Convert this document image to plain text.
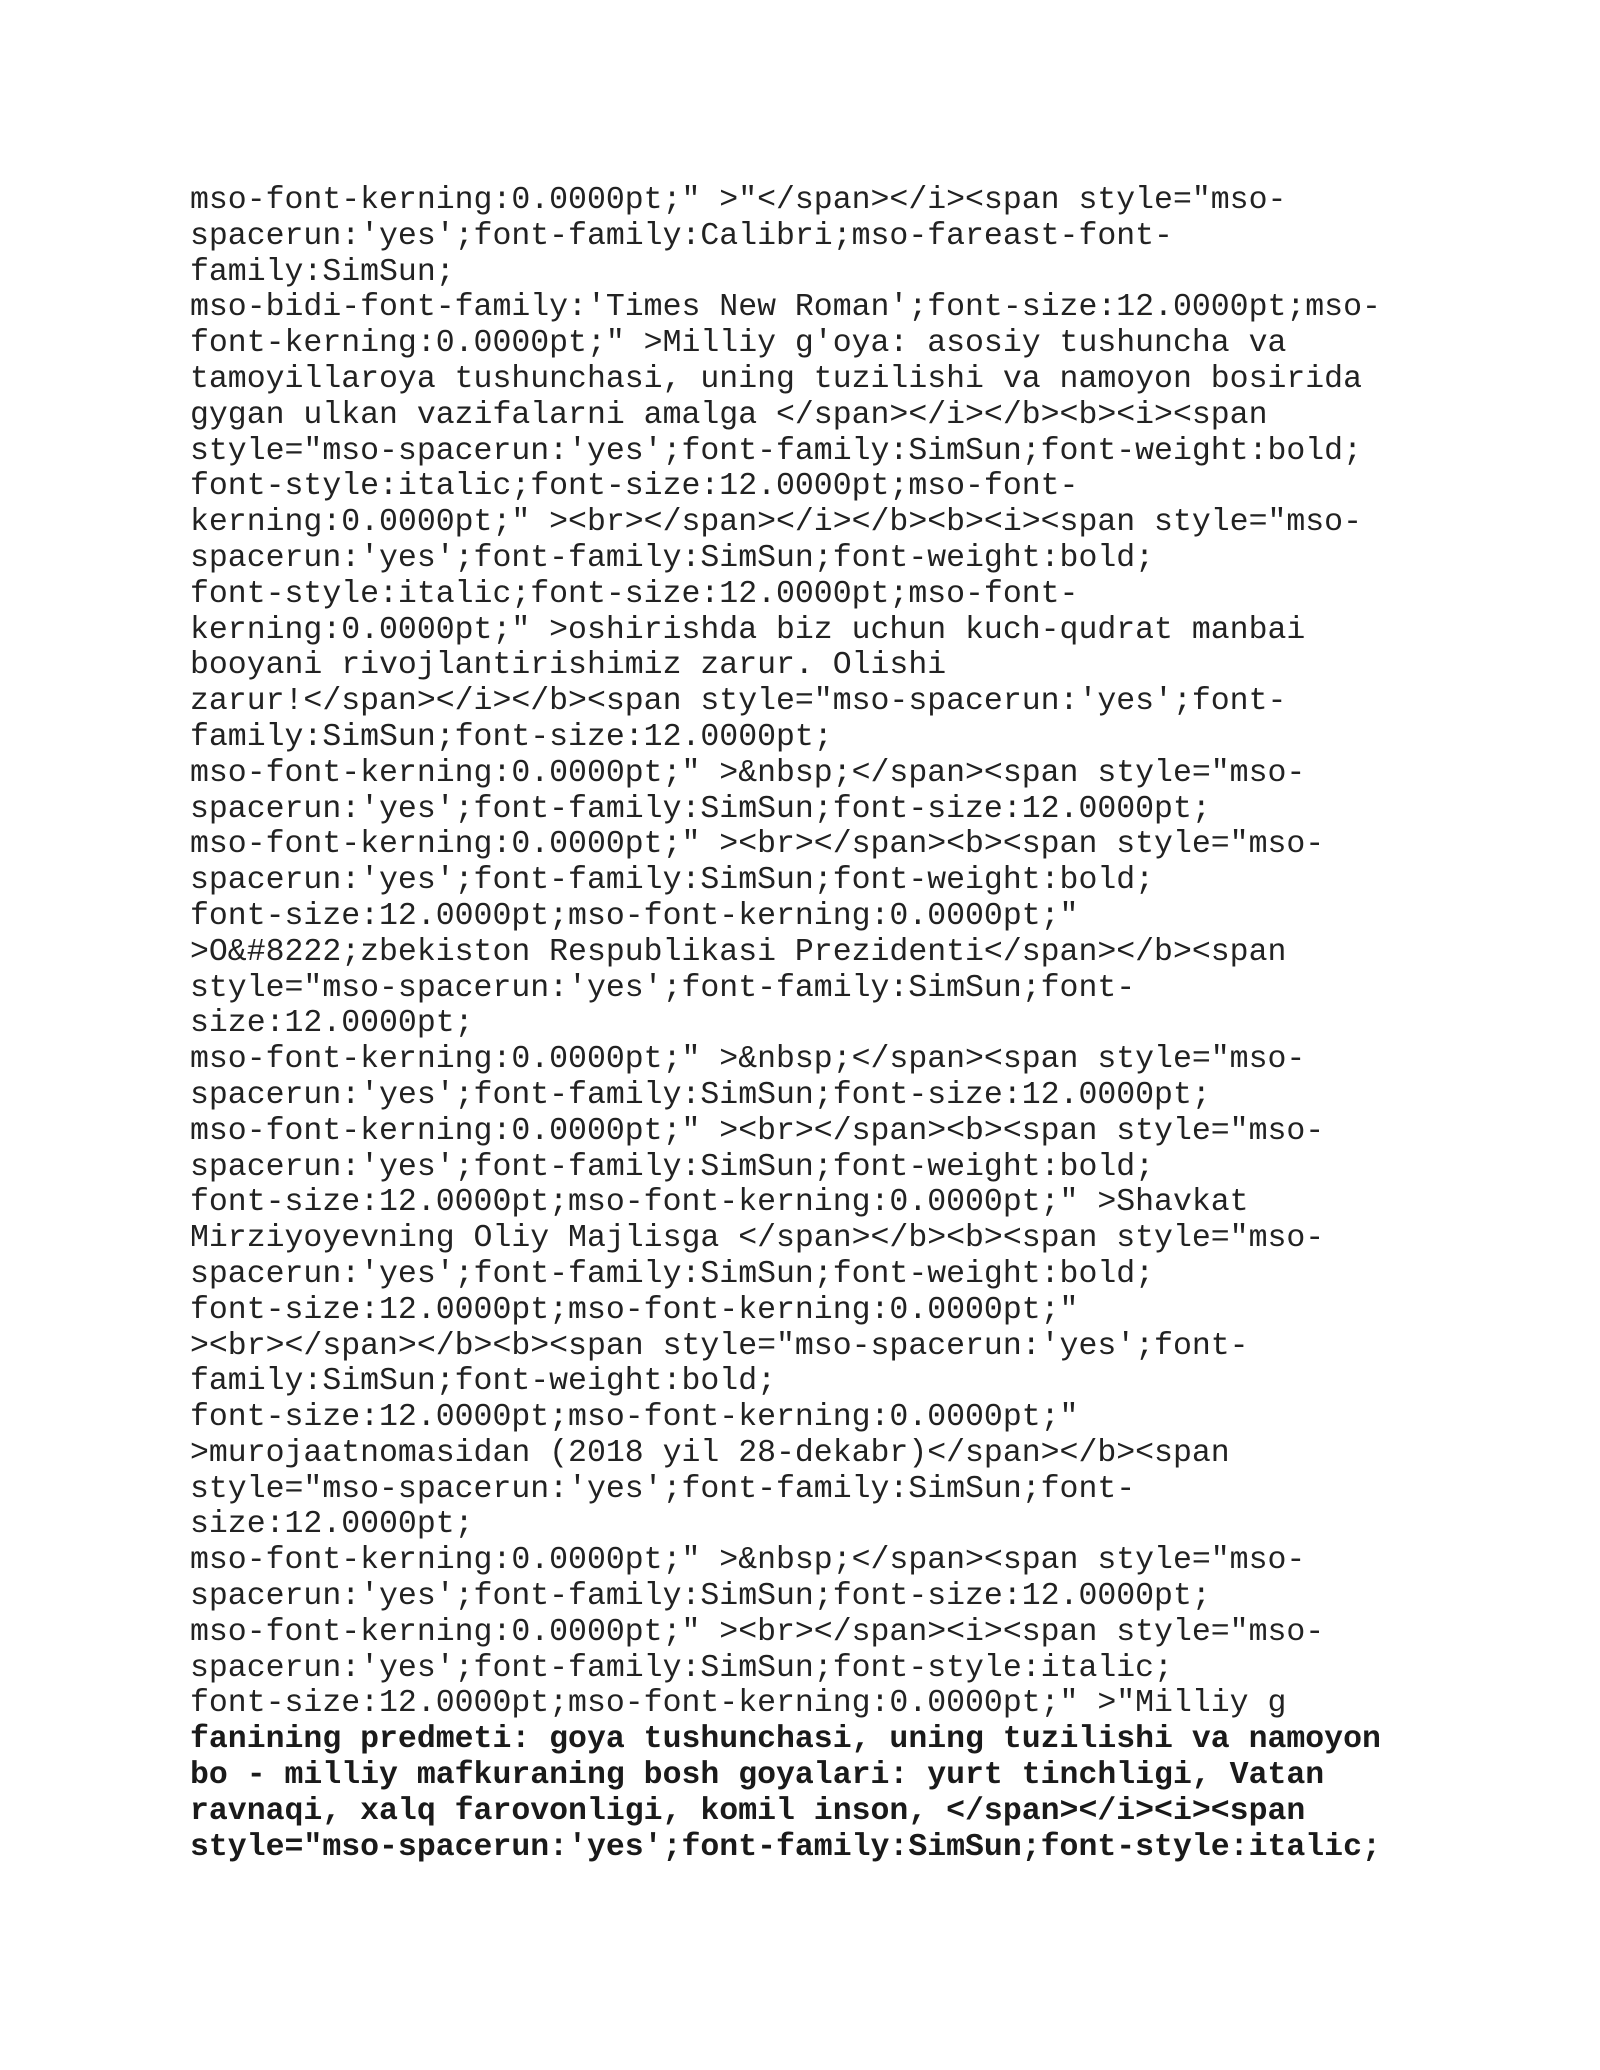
mso-font-kerning:0.0000pt;" >"</span></i><span style="mso-
spacerun:'yes';font-family:Calibri;mso-fareast-font-
family:SimSun;
mso-bidi-font-family:'Times New Roman';font-size:12.0000pt;mso-
font-kerning:0.0000pt;" >Milliy g'oya: asosiy tushuncha va
tamoyillaroya tushunchasi, uning tuzilishi va namoyon bosirida
gygan ulkan vazifalarni amalga </span></i></b><b><i><span
style="mso-spacerun:'yes';font-family:SimSun;font-weight:bold;
font-style:italic;font-size:12.0000pt;mso-font-
kerning:0.0000pt;" ><br></span></i></b><b><i><span style="mso-
spacerun:'yes';font-family:SimSun;font-weight:bold;
font-style:italic;font-size:12.0000pt;mso-font-
kerning:0.0000pt;" >oshirishda biz uchun kuch-qudrat manbai
booyani rivojlantirishimiz zarur. Olishi
zarur!</span></i></b><span style="mso-spacerun:'yes';font-
family:SimSun;font-size:12.0000pt;
mso-font-kerning:0.0000pt;" >&nbsp;</span><span style="mso-
spacerun:'yes';font-family:SimSun;font-size:12.0000pt;
mso-font-kerning:0.0000pt;" ><br></span><b><span style="mso-
spacerun:'yes';font-family:SimSun;font-weight:bold;
font-size:12.0000pt;mso-font-kerning:0.0000pt;"
>O&#8222;zbekiston Respublikasi Prezidenti</span></b><span
style="mso-spacerun:'yes';font-family:SimSun;font-
size:12.0000pt;
mso-font-kerning:0.0000pt;" >&nbsp;</span><span style="mso-
spacerun:'yes';font-family:SimSun;font-size:12.0000pt;
mso-font-kerning:0.0000pt;" ><br></span><b><span style="mso-
spacerun:'yes';font-family:SimSun;font-weight:bold;
font-size:12.0000pt;mso-font-kerning:0.0000pt;" >Shavkat
Mirziyoyevning Oliy Majlisga </span></b><b><span style="mso-
spacerun:'yes';font-family:SimSun;font-weight:bold;
font-size:12.0000pt;mso-font-kerning:0.0000pt;"
><br></span></b><b><span style="mso-spacerun:'yes';font-
family:SimSun;font-weight:bold;
font-size:12.0000pt;mso-font-kerning:0.0000pt;"
>murojaatnomasidan (2018 yil 28-dekabr)</span></b><span
style="mso-spacerun:'yes';font-family:SimSun;font-
size:12.0000pt;
mso-font-kerning:0.0000pt;" >&nbsp;</span><span style="mso-
spacerun:'yes';font-family:SimSun;font-size:12.0000pt;
mso-font-kerning:0.0000pt;" ><br></span><i><span style="mso-
spacerun:'yes';font-family:SimSun;font-style:italic;
font-size:12.0000pt;mso-font-kerning:0.0000pt;" >"Milliy g
fanining predmeti: goya tushunchasi, uning tuzilishi va namoyon
bo - milliy mafkuraning bosh goyalari: yurt tinchligi, Vatan
ravnaqi, xalq farovonligi, komil inson, </span></i><i><span
style="mso-spacerun:'yes';font-family:SimSun;font-style:italic;
